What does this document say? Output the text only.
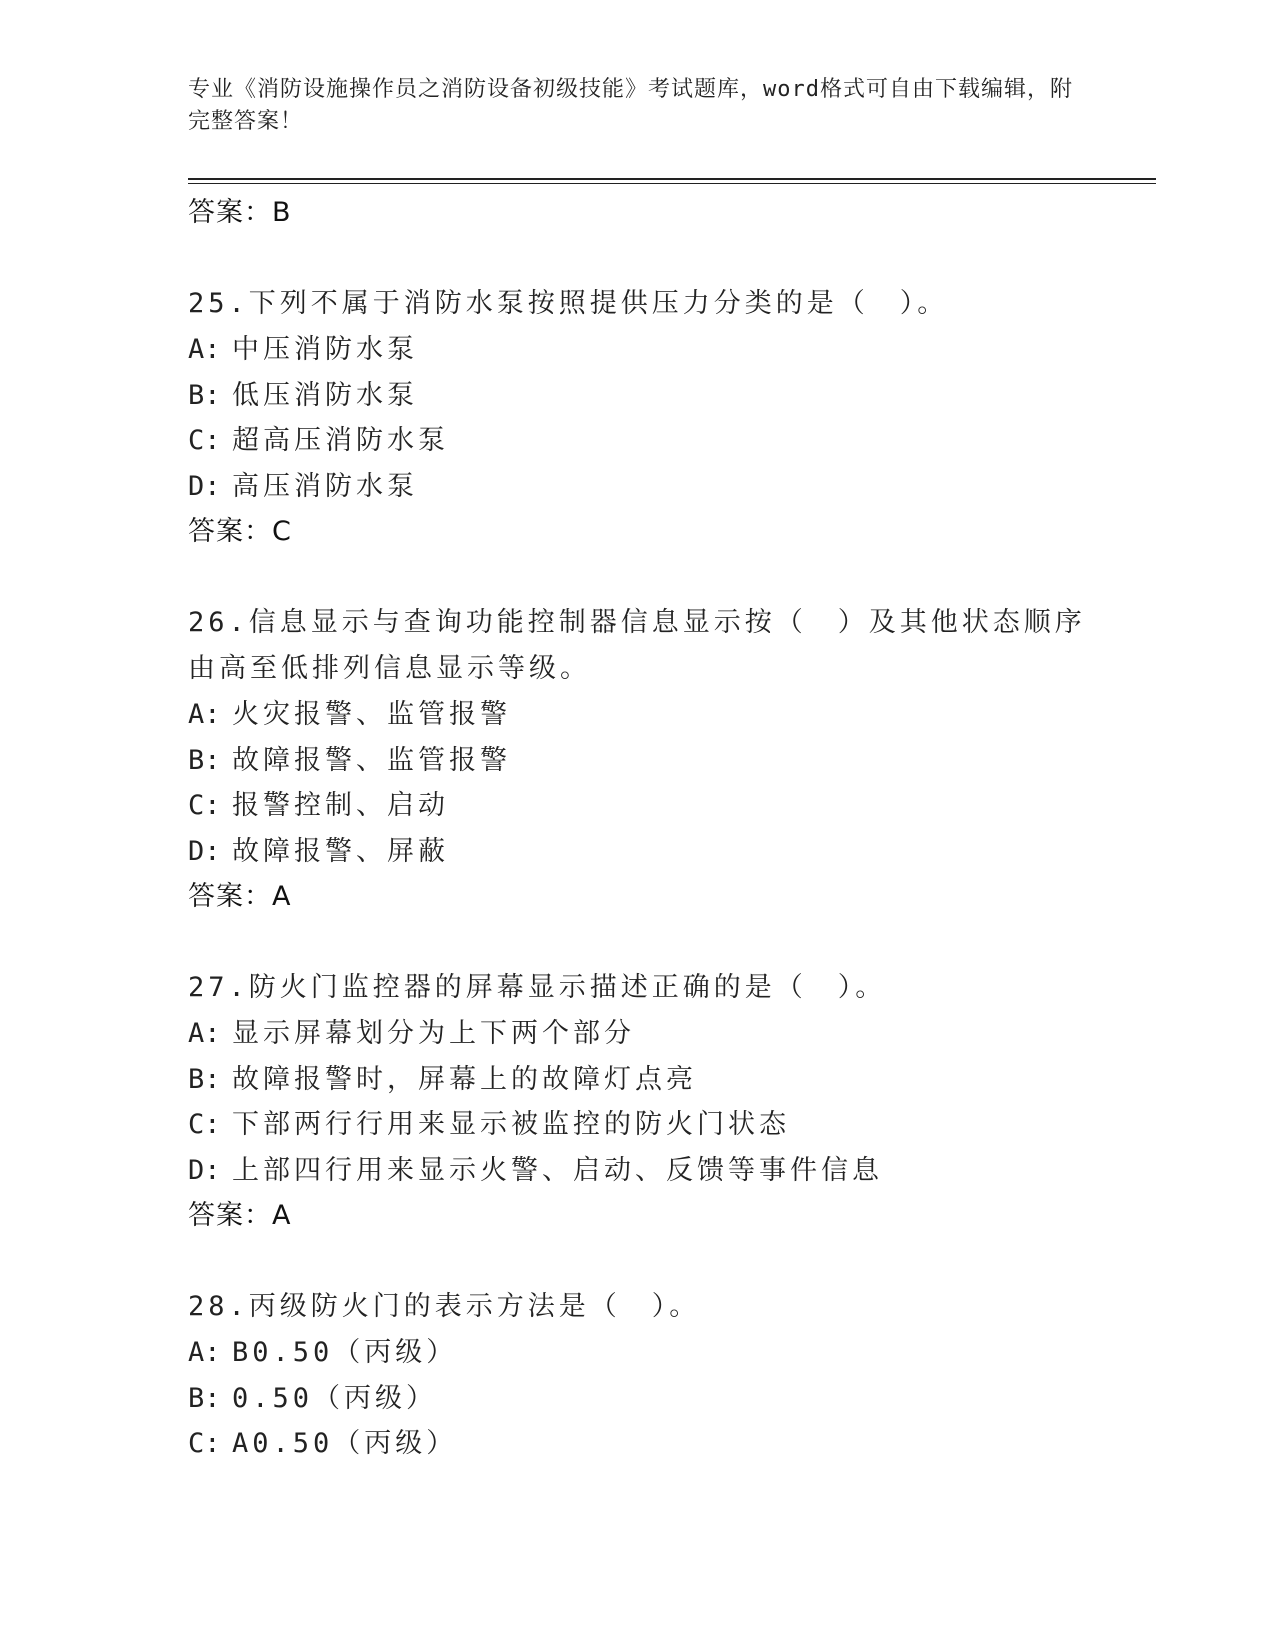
专业《消防设施操作员之消防设备初级技能》考试题库，word格式可自由下载编辑，附完整答案！
答案：B
25.下列不属于消防水泵按照提供压力分类的是（　）。
A: 中压消防水泵
B: 低压消防水泵
C: 超高压消防水泵
D: 高压消防水泵
答案：C
26.信息显示与查询功能控制器信息显示按（　）及其他状态顺序由高至低排列信息显示等级。
A: 火灾报警、监管报警
B: 故障报警、监管报警
C: 报警控制、启动
D: 故障报警、屏蔽
答案：A
27.防火门监控器的屏幕显示描述正确的是（　）。
A: 显示屏幕划分为上下两个部分
B: 故障报警时，屏幕上的故障灯点亮
C: 下部两行行用来显示被监控的防火门状态
D: 上部四行用来显示火警、启动、反馈等事件信息
答案：A
28.丙级防火门的表示方法是（　）。
A: B0.50（丙级）
B: 0.50（丙级）
C: A0.50（丙级）
